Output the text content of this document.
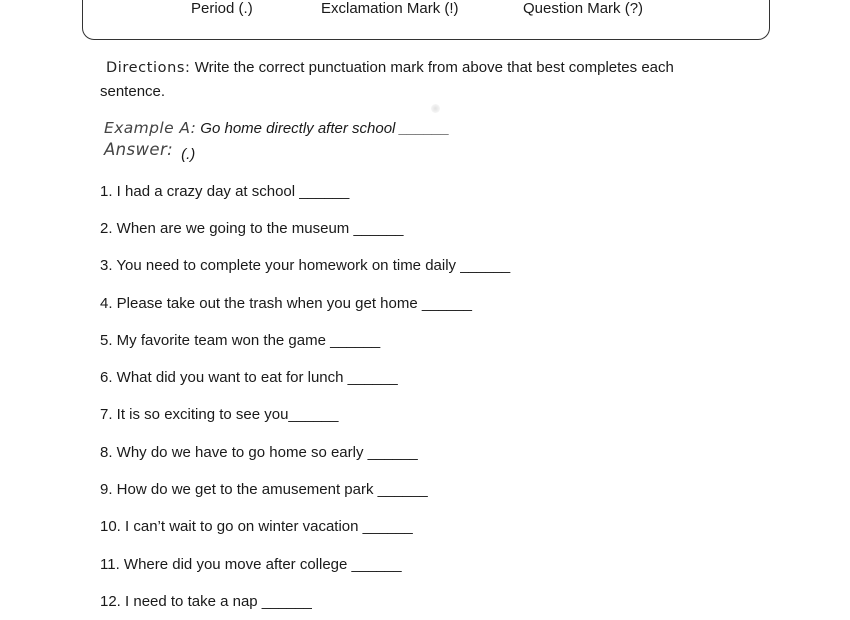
Period (.)	Exclamation Mark (!)	Question Mark (?)
Directions: Write the correct punctuation mark from above that best completes each sentence.
Example A: Go home directly after school ______
Answer: (.)
1. I had a crazy day at school ______
2. When are we going to the museum ______
3. You need to complete your homework on time daily ______
4. Please take out the trash when you get home ______
5. My favorite team won the game ______
6. What did you want to eat for lunch ______
7. It is so exciting to see you______
8. Why do we have to go home so early ______
9. How do we get to the amusement park ______
10. I can’t wait to go on winter vacation ______
11. Where did you move after college ______
12. I need to take a nap ______
